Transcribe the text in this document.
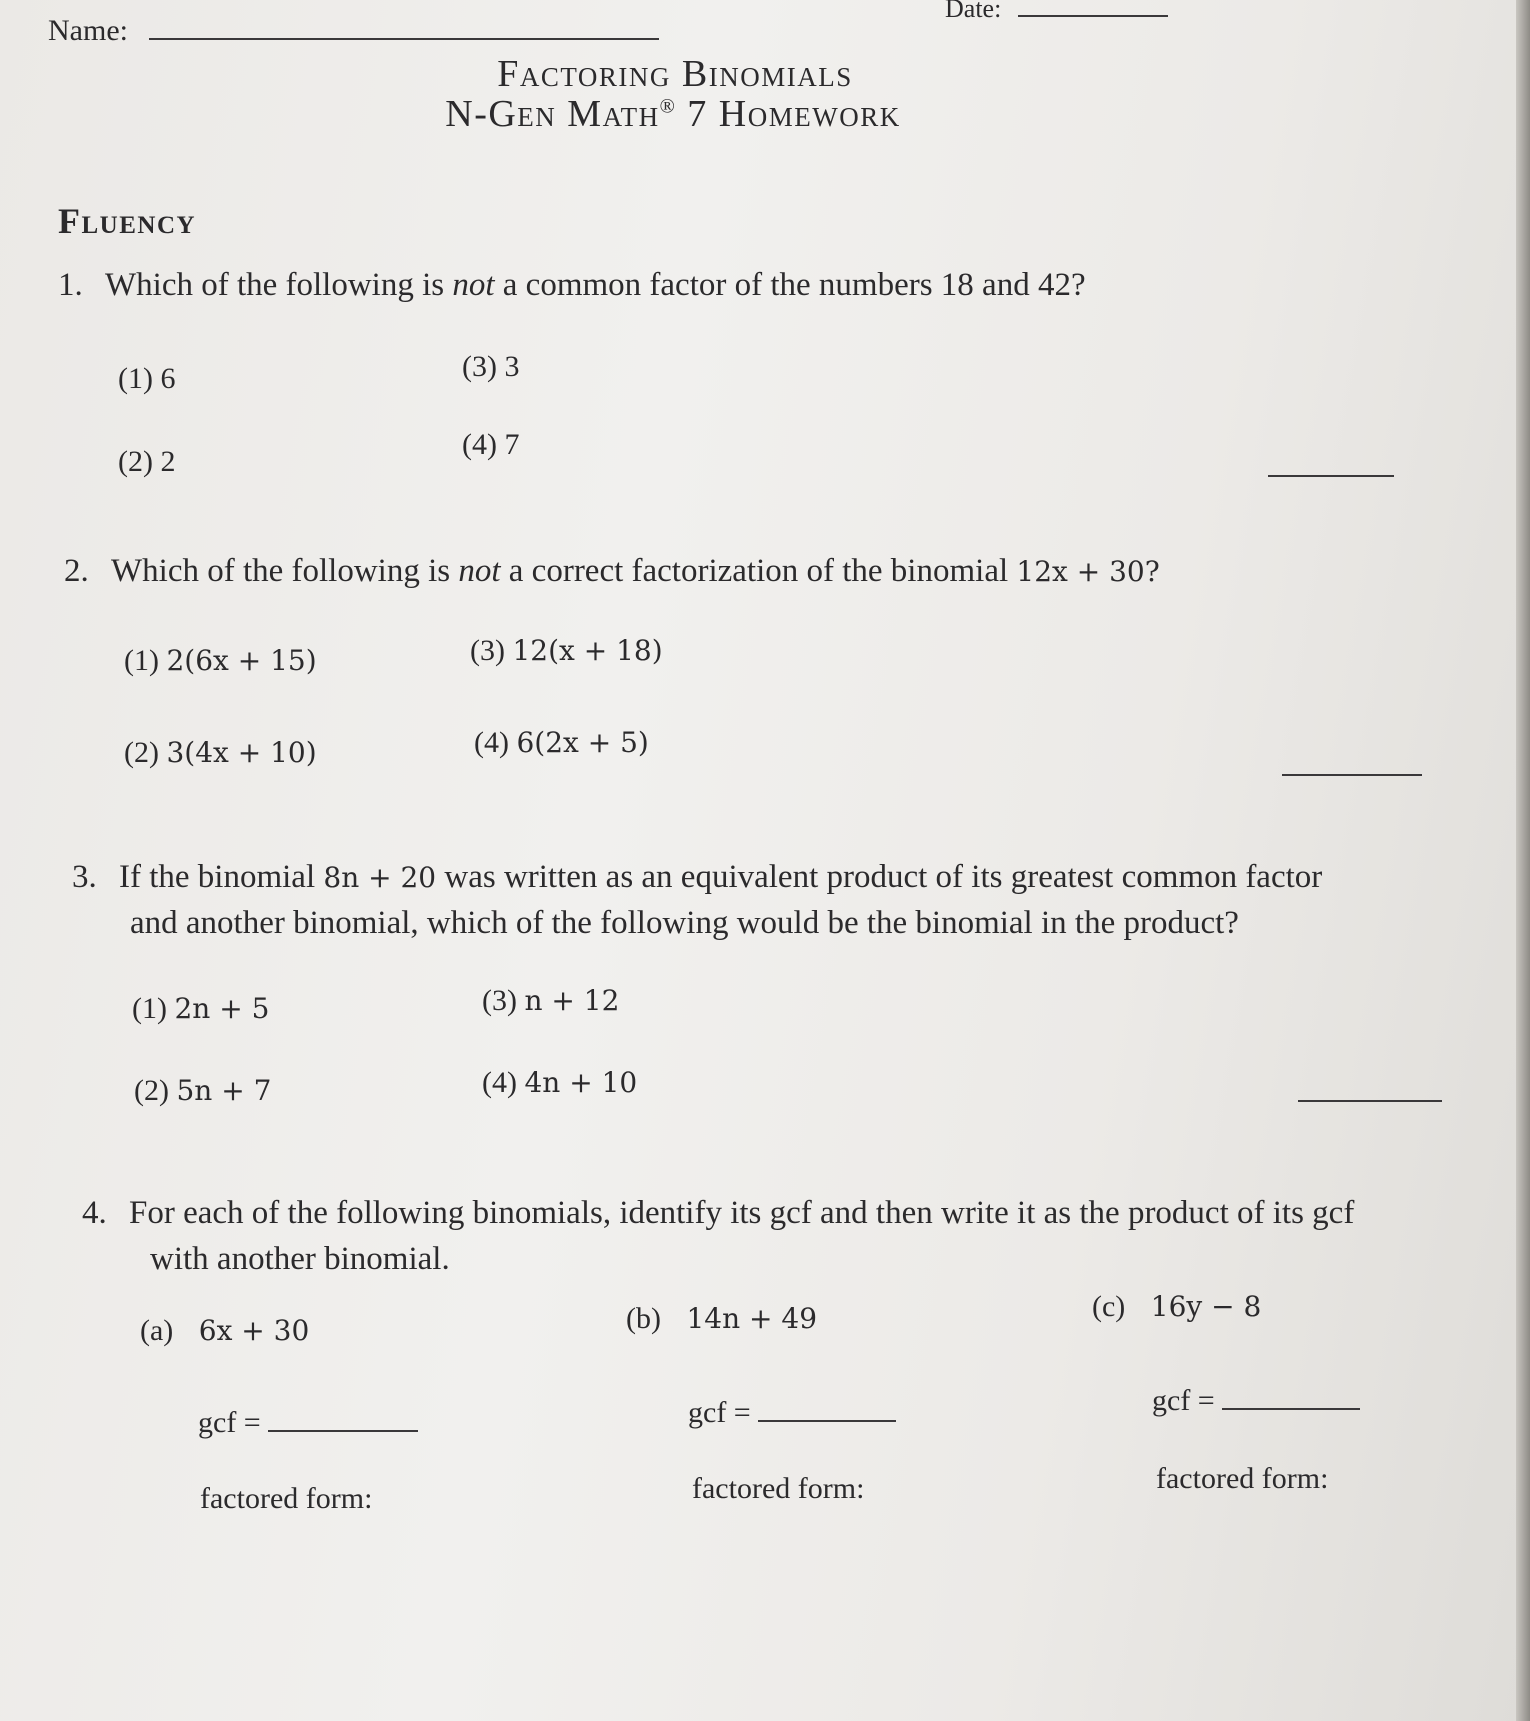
Name:
Date:
Factoring Binomials
N-Gen Math® 7 Homework
Fluency
1. Which of the following is not a common factor of the numbers 18 and 42?
(1) 6
(2) 2
(3) 3
(4) 7
2. Which of the following is not a correct factorization of the binomial 12x + 30?
(1) 2(6x + 15)
(2) 3(4x + 10)
(3) 12(x + 18)
(4) 6(2x + 5)
3. If the binomial 8n + 20 was written as an equivalent product of its greatest common factor
and another binomial, which of the following would be the binomial in the product?
(1) 2n + 5
(2) 5n + 7
(3) n + 12
(4) 4n + 10
4. For each of the following binomials, identify its gcf and then write it as the product of its gcf
with another binomial.
(a) 6x + 30
gcf =
factored form:
(b) 14n + 49
gcf =
factored form:
(c) 16y − 8
gcf =
factored form:
